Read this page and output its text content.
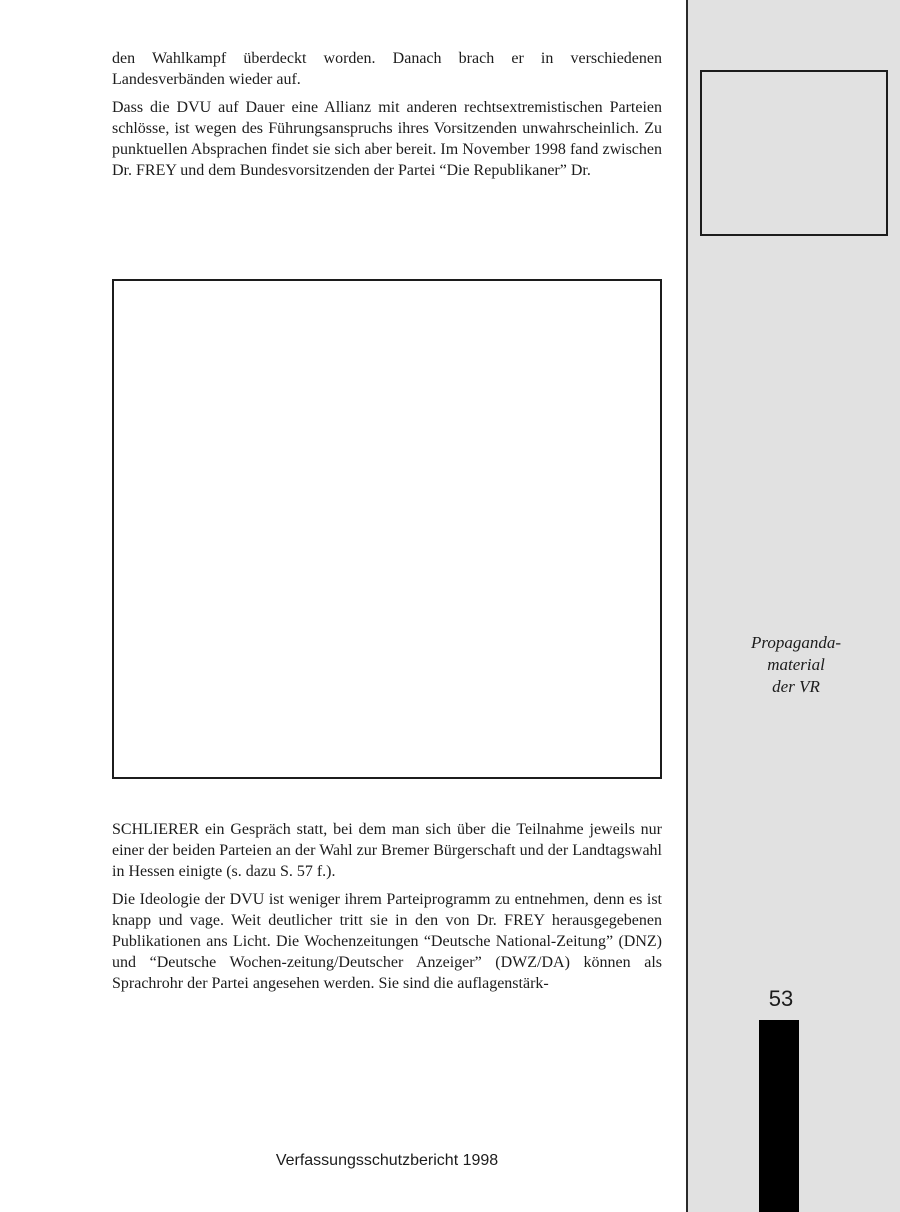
Propaganda-
material
der VR
53

den Wahlkampf überdeckt worden. Danach brach er in verschiedenen Landesverbänden wieder auf.

Dass die DVU auf Dauer eine Allianz mit anderen rechtsextremistischen Parteien schlösse, ist wegen des Führungsanspruchs ihres Vorsitzenden unwahrscheinlich. Zu punktuellen Absprachen findet sie sich aber bereit. Im November 1998 fand zwischen Dr. FREY und dem Bundesvorsitzenden der Partei “Die Republikaner” Dr.

SCHLIERER ein Gespräch statt, bei dem man sich über die Teilnahme jeweils nur einer der beiden Parteien an der Wahl zur Bremer Bürgerschaft und der Landtagswahl in Hessen einigte (s. dazu S. 57 f.).

Die Ideologie der DVU ist weniger ihrem Parteiprogramm zu entnehmen, denn es ist knapp und vage. Weit deutlicher tritt sie in den von Dr. FREY herausgegebenen Publikationen ans Licht. Die Wochenzeitungen “Deutsche National-Zeitung” (DNZ) und “Deutsche Wochen-zeitung/Deutscher Anzeiger” (DWZ/DA) können als Sprachrohr der Partei angesehen werden. Sie sind die auflagenstärk-

Verfassungsschutzbericht 1998
